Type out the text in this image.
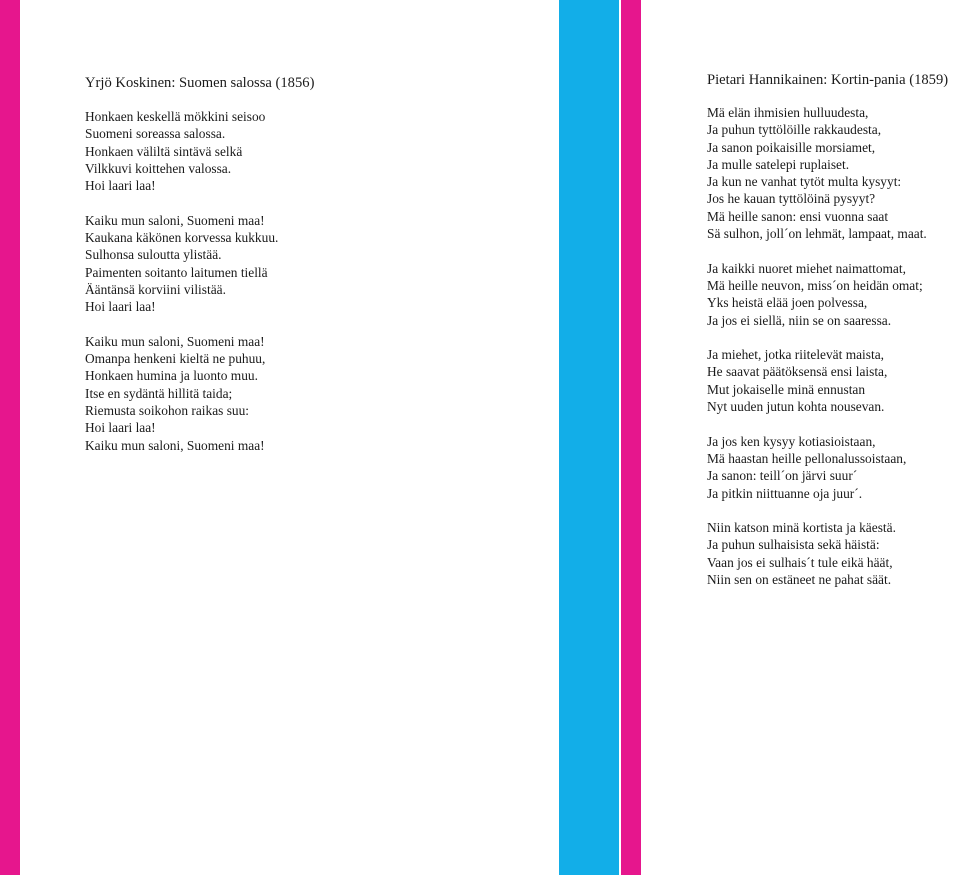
Yrjö Koskinen: Suomen salossa (1856)
Honkaen keskellä mökkini seisoo
Suomeni soreassa salossa.
Honkaen väliltä sintävä selkä
Vilkkuvi koittehen valossa.
Hoi laari laa!
Kaiku mun saloni, Suomeni maa!
Kaukana käkönen korvessa kukkuu.
Sulhonsa suloutta ylistää.
Paimenten soitanto laitumen tiellä
Ääntänsä korviini vilistää.
Hoi laari laa!
Kaiku mun saloni, Suomeni maa!
Omanpa henkeni kieltä ne puhuu,
Honkaen humina ja luonto muu.
Itse en sydäntä hillitä taida;
Riemusta soikohon raikas suu:
Hoi laari laa!
Kaiku mun saloni, Suomeni maa!
Pietari Hannikainen: Kortin-pania (1859)
Mä elän ihmisien hulluudesta,
Ja puhun tyttölöille rakkaudesta,
Ja sanon poikaisille morsiamet,
Ja mulle satelepi ruplaiset.
Ja kun ne vanhat tytöt multa kysyyt:
Jos he kauan tyttölöinä pysyyt?
Mä heille sanon: ensi vuonna saat
Sä sulhon, joll´on lehmät, lampaat, maat.
Ja kaikki nuoret miehet naimattomat,
Mä heille neuvon, miss´on heidän omat;
Yks heistä elää joen polvessa,
Ja jos ei siellä, niin se on saaressa.
Ja miehet, jotka riitelevät maista,
He saavat päätöksensä ensi laista,
Mut jokaiselle minä ennustan
Nyt uuden jutun kohta nousevan.
Ja jos ken kysyy kotiasioistaan,
Mä haastan heille pellonalussoistaan,
Ja sanon: teill´on järvi suur´
Ja pitkin niittuanne oja juur´.
Niin katson minä kortista ja käestä.
Ja puhun sulhaisista sekä häistä:
Vaan jos ei sulhais´t tule eikä häät,
Niin sen on estäneet ne pahat säät.
